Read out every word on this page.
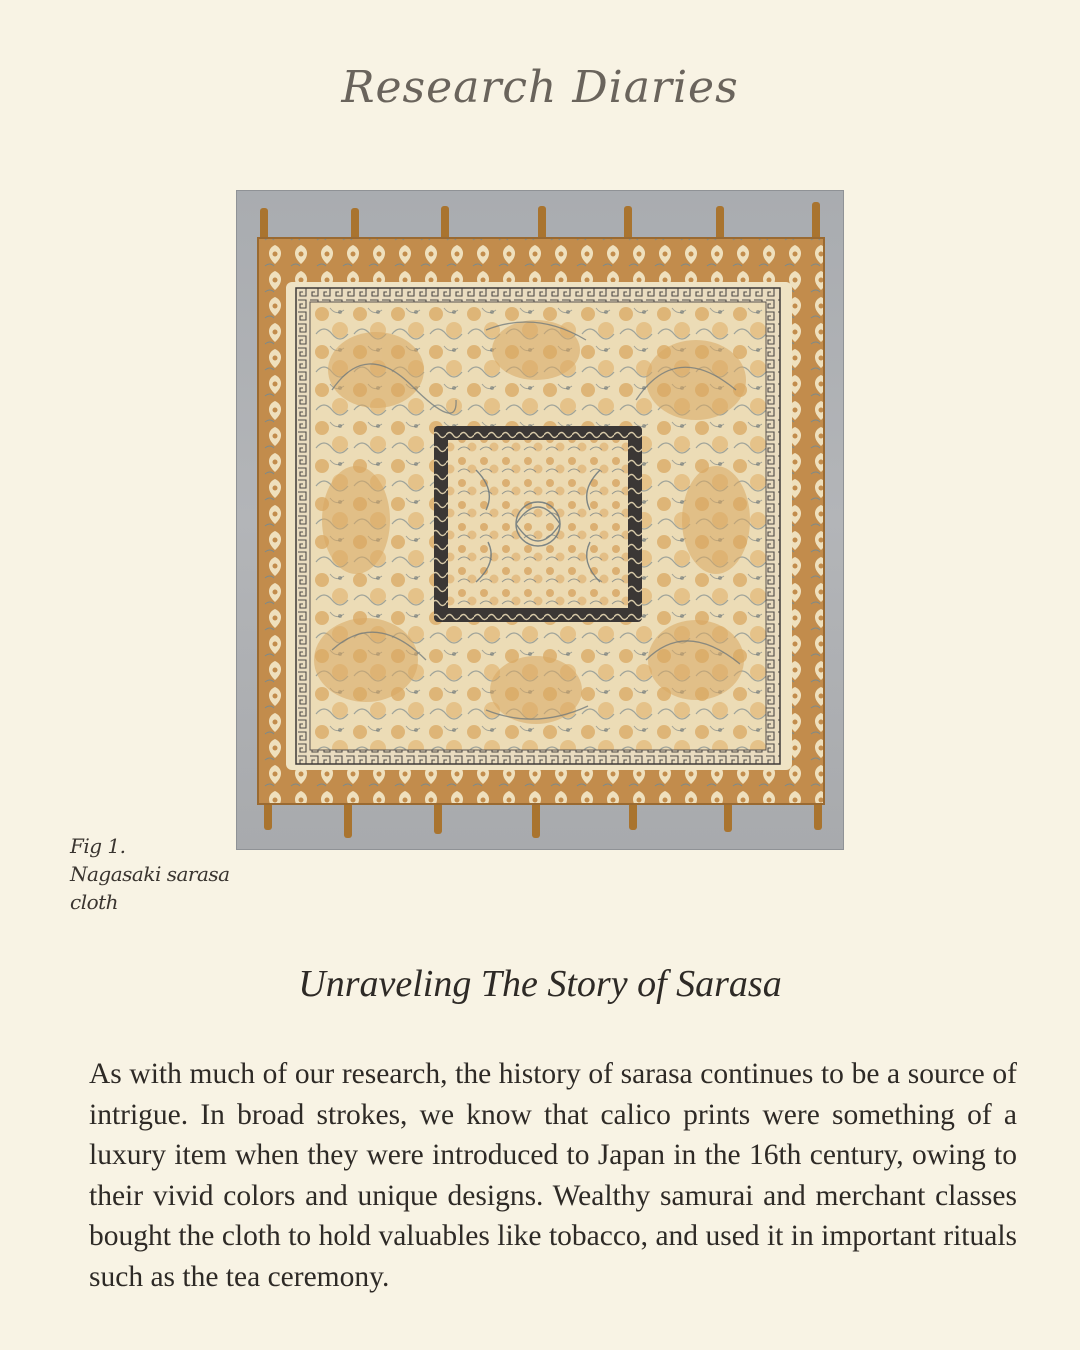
Research Diaries
Fig 1.
Nagasaki sarasa
cloth
Unraveling The Story of Sarasa

As with much of our research, the history of sarasa continues to be a source of intrigue. In broad strokes, we know that calico prints were something of a luxury item when they were introduced to Japan in the 16th century, owing to their vivid colors and unique designs. Wealthy samurai and merchant classes bought the cloth to hold valuables like tobacco, and used it in important rituals such as the tea ceremony.
